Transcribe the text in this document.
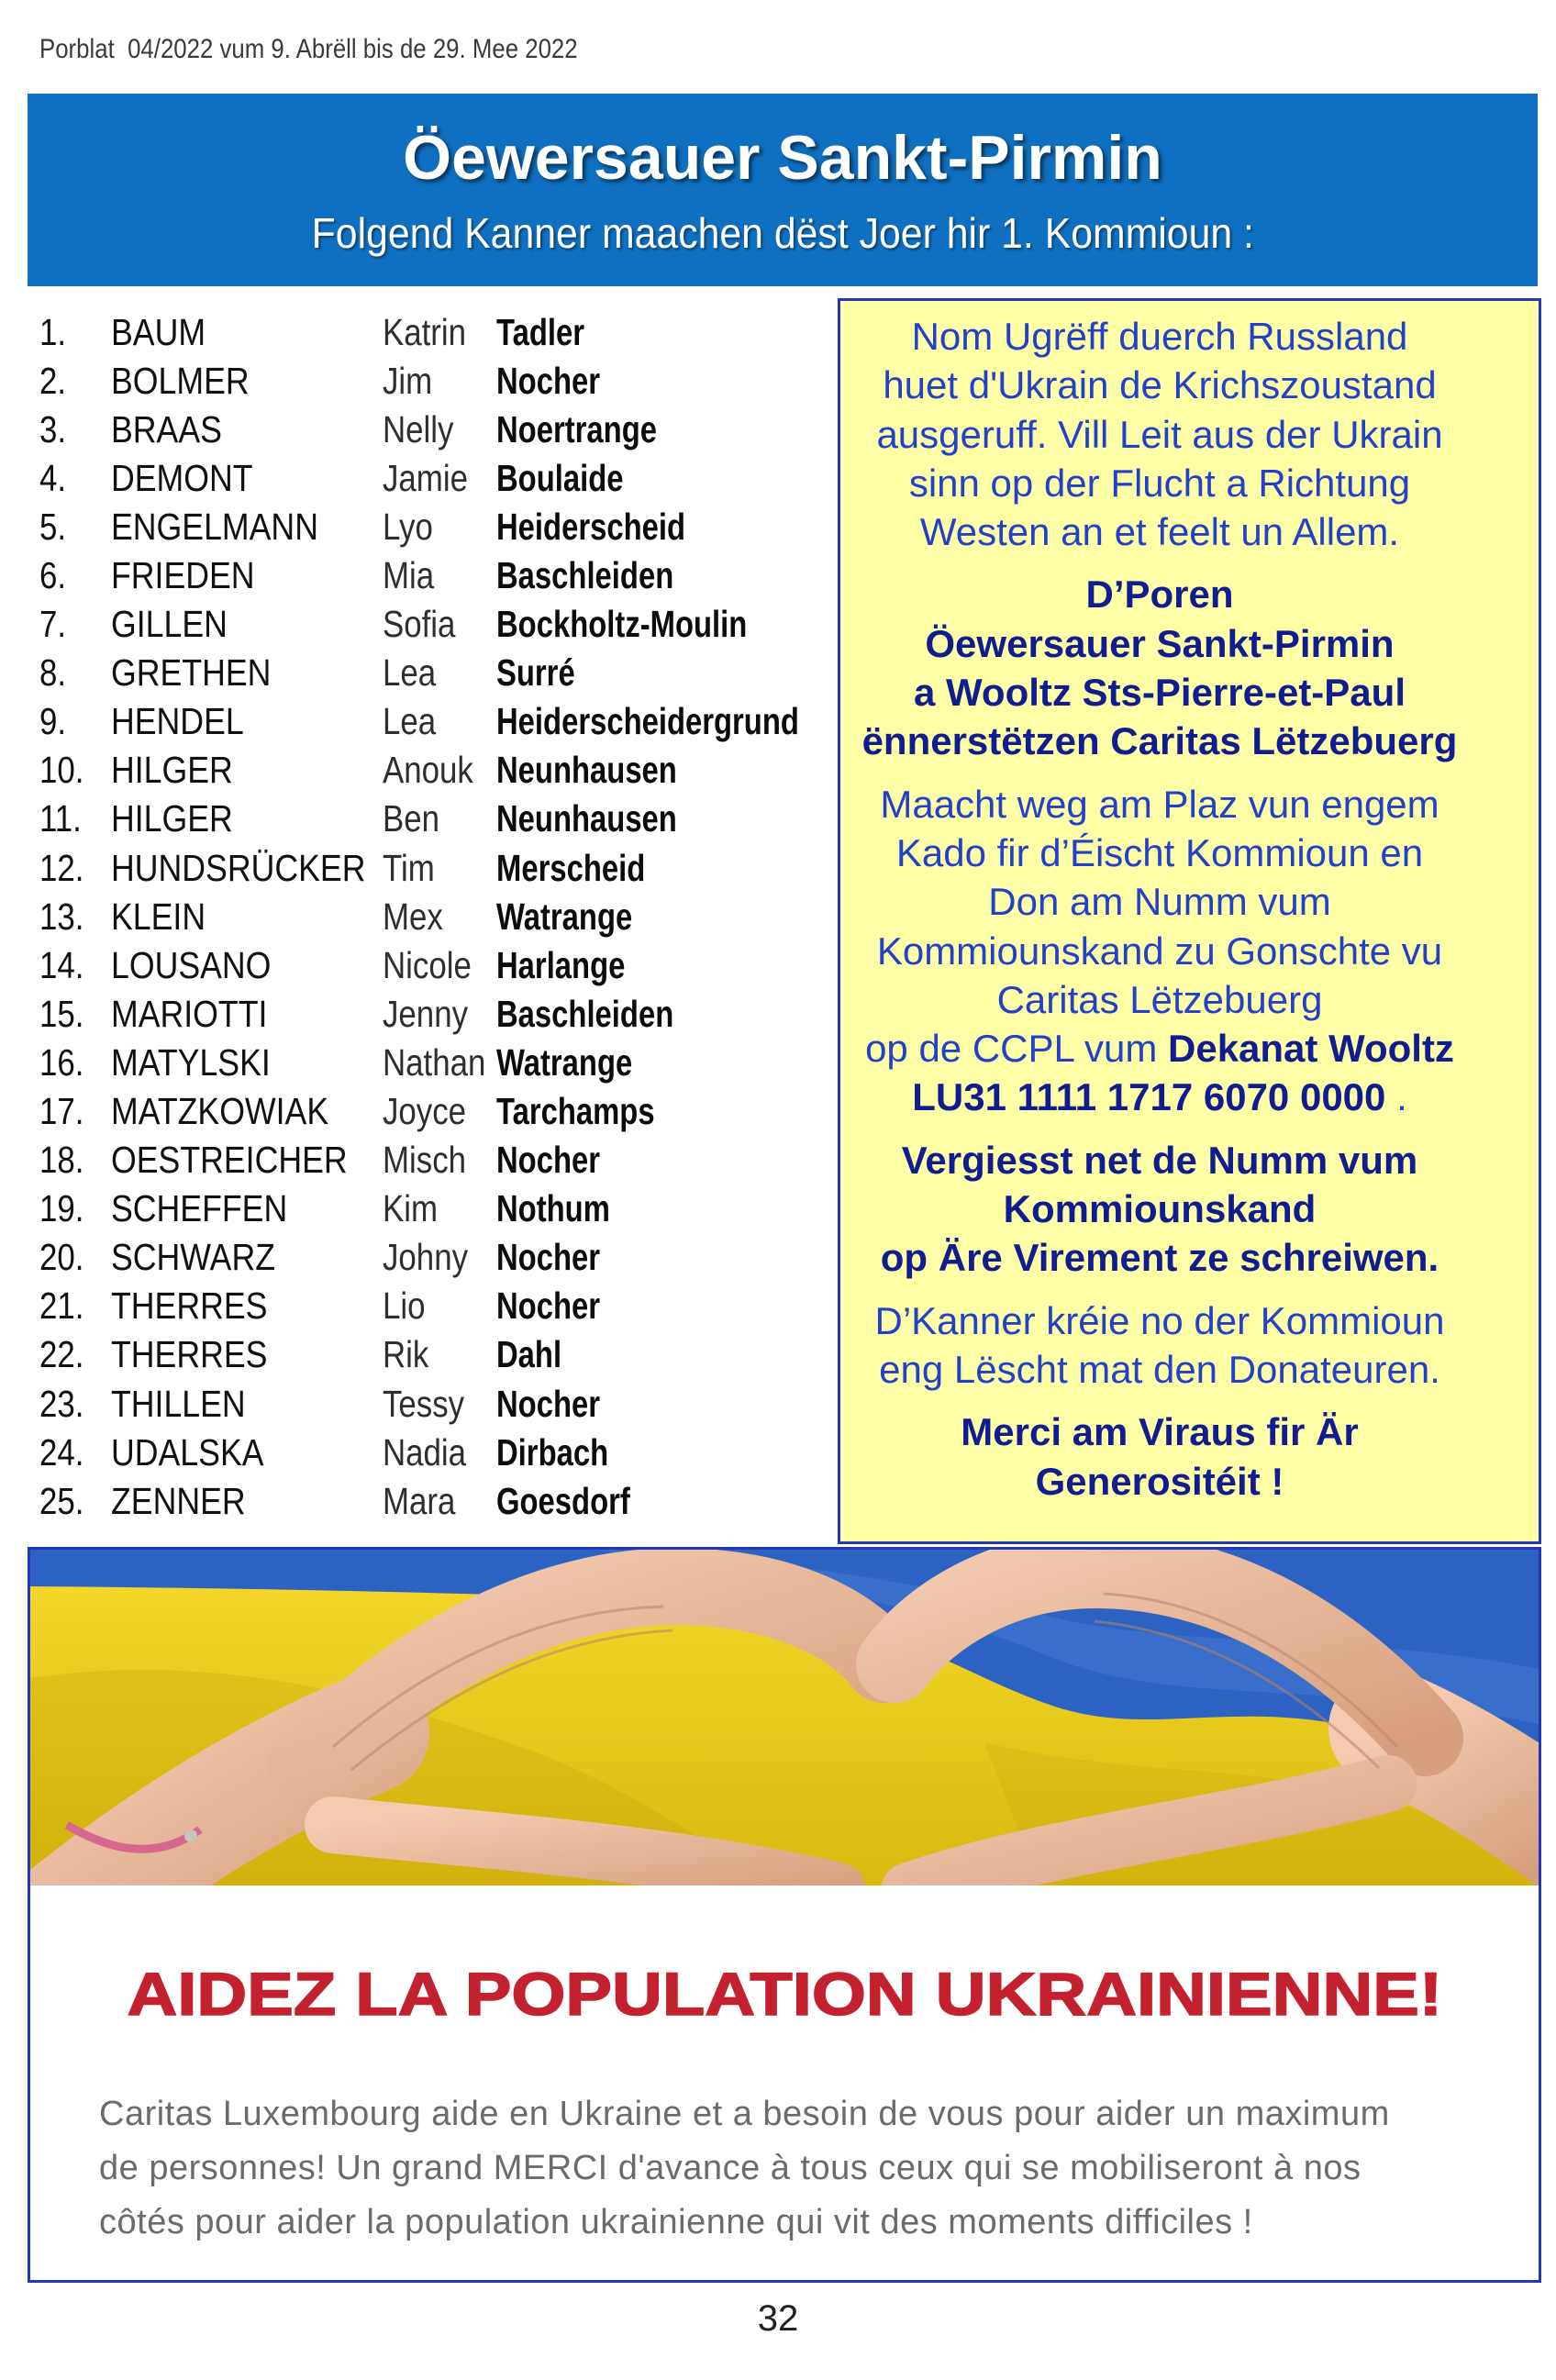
Porblat  04/2022 vum 9. Abrëll bis de 29. Mee 2022
Öewersauer Sankt-Pirmin
Folgend Kanner maachen dëst Joer hir 1. Kommioun :
1. BAUM	Katrin Tadler
2. BOLMER	Jim Nocher
3. BRAAS	Nelly Noertrange
4. DEMONT	Jamie Boulaide
5. ENGELMANN Lyo Heiderscheid
6. FRIEDEN	Mia Baschleiden
7. GILLEN	Sofia Bockholtz-Moulin
8. GRETHEN	Lea Surré
9. HENDEL	Lea Heiderscheidergrund
10. HILGER	Anouk Neunhausen
11. HILGER	Ben Neunhausen
12. HUNDSRÜCKER Tim Merscheid
13. KLEIN	Mex Watrange
14. LOUSANO	Nicole Harlange
15. MARIOTTI	Jenny Baschleiden
16. MATYLSKI	Nathan Watrange
17. MATZKOWIAK Joyce Tarchamps
18. OESTREICHER Misch Nocher
19. SCHEFFEN	Kim Nothum
20. SCHWARZ	Johny Nocher
21. THERRES	Lio Nocher
22. THERRES	Rik Dahl
23. THILLEN	Tessy Nocher
24. UDALSKA	Nadia Dirbach
25. ZENNER	Mara Goesdorf
Nom Ugrëff duerch Russland
huet d'Ukrain de Krichszoustand
ausgeruff. Vill Leit aus der Ukrain
sinn op der Flucht a Richtung
Westen an et feelt un Allem.
D’Poren
Öewersauer Sankt-Pirmin
a Wooltz Sts-Pierre-et-Paul
ënnerstëtzen Caritas Lëtzebuerg
Maacht weg am Plaz vun engem
Kado fir d’Éischt Kommioun en
Don am Numm vum
Kommiounskand zu Gonschte vu
Caritas Lëtzebuerg
op de CCPL vum Dekanat Wooltz
LU31 1111 1717 6070 0000 .
Vergiesst net de Numm vum
Kommiounskand
op Äre Virement ze schreiwen.
D’Kanner kréie no der Kommioun
eng Lëscht mat den Donateuren.
Merci am Viraus fir Är
Generositéit !
AIDEZ LA POPULATION UKRAINIENNE!
Caritas Luxembourg aide en Ukraine et a besoin de vous pour aider un maximum
de personnes! Un grand MERCI d'avance à tous ceux qui se mobiliseront à nos
côtés pour aider la population ukrainienne qui vit des moments difficiles !
32
